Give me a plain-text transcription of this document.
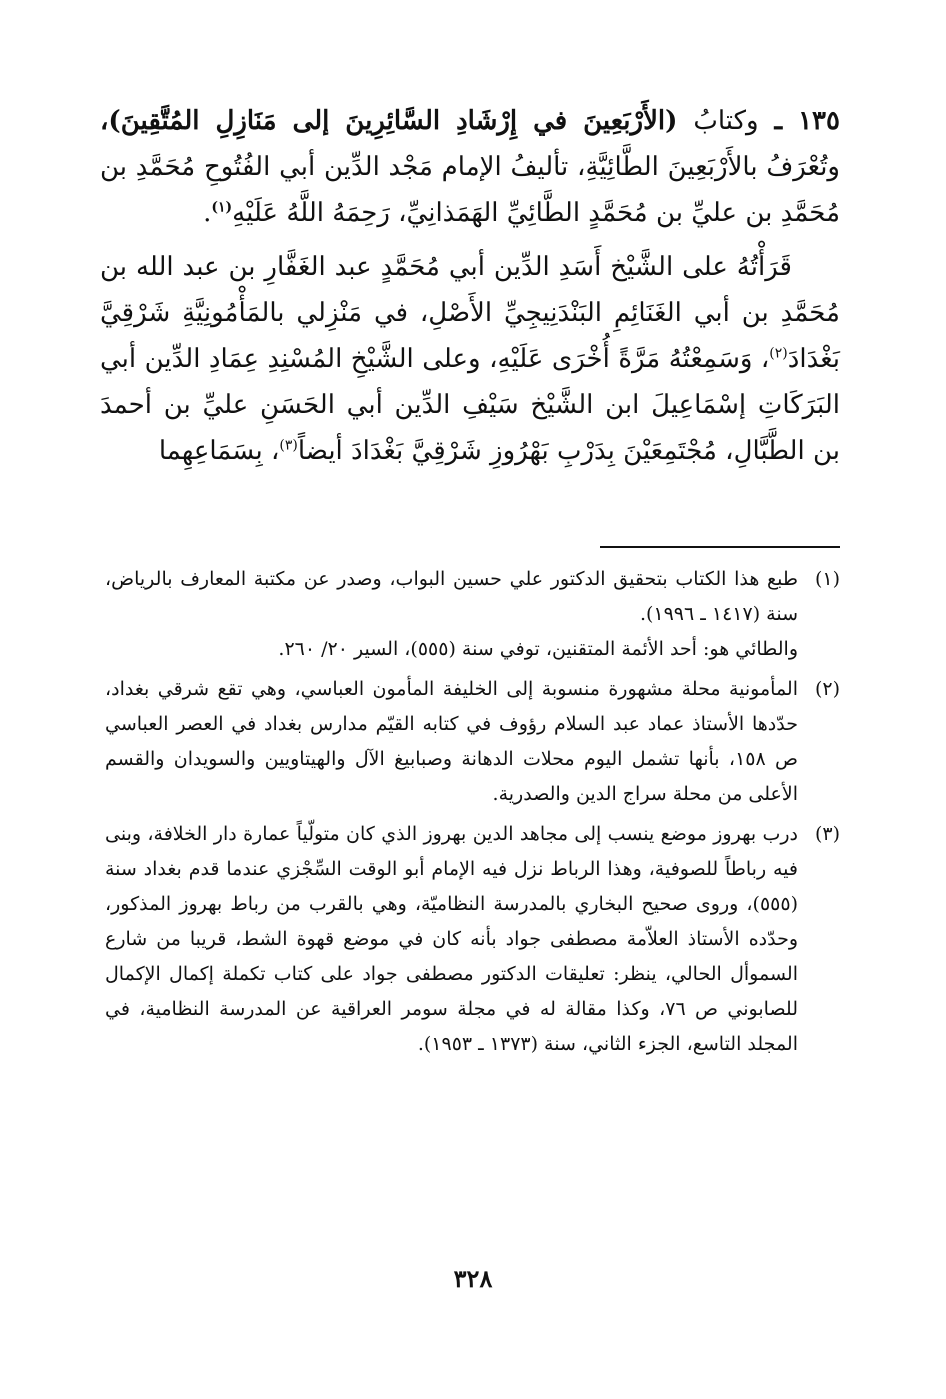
١٣٥ ـ وكتابُ (الأَرْبَعِينَ في إِرْشَادِ السَّائِرِينَ إلى مَنَازِلِ المُتَّقِينَ)، وتُعْرَفُ بالأَرْبَعِينَ الطَّائِيَّةِ، تأليفُ الإمام مَجْد الدِّين أبي الفُتُوحِ مُحَمَّدِ بن مُحَمَّدِ بن عليِّ بن مُحَمَّدٍ الطَّائِيِّ الهَمَذانِيِّ، رَحِمَهُ اللَّهُ عَلَيْهِ$^{(١)}$.

قَرَأْتُهُ على الشَّيْخ أَسَدِ الدِّين أبي مُحَمَّدٍ عبد الغَفَّارِ بن عبد الله بن مُحَمَّدِ بن أبي الغَنَائِمِ البَنْدَنِيجِيِّ الأَصْلِ، في مَنْزِلي بالمَأْمُونِيَّةِ شَرْقِيَّ بَغْدَادَ$^{(٢)}$، وَسَمِعْتُهُ مَرَّةً أُخْرَى عَلَيْهِ، وعلى الشَّيْخِ المُسْنِدِ عِمَادِ الدِّين أبي البَرَكَاتِ إسْمَاعِيلَ ابن الشَّيْخ سَيْفِ الدِّين أبي الحَسَنِ عليِّ بن أحمدَ بن الطَّبَّالِ، مُجْتَمِعَيْنَ بِدَرْبِ بَهْرُوزِ شَرْقِيَّ بَغْدَادَ أيضاً$^{(٣)}$، بِسَمَاعِهِما

(١)

طبع هذا الكتاب بتحقيق الدكتور علي حسين البواب، وصدر عن مكتبة المعارف بالرياض، سنة (١٤١٧ ـ ١٩٩٦).

والطائي هو: أحد الأئمة المتقنين، توفي سنة (٥٥٥)، السير ٢٠/ ٢٦٠.

(٢)

المأمونية محلة مشهورة منسوبة إلى الخليفة المأمون العباسي، وهي تقع شرقي بغداد، حدّدها الأستاذ عماد عبد السلام رؤوف في كتابه القيّم مدارس بغداد في العصر العباسي ص ١٥٨، بأنها تشمل اليوم محلات الدهانة وصبابيغ الآل والهيتاويين والسويدان والقسم الأعلى من محلة سراج الدين والصدرية.

(٣)

درب بهروز موضع ينسب إلى مجاهد الدين بهروز الذي كان متولّياً عمارة دار الخلافة، وبنى فيه رباطاً للصوفية، وهذا الرباط نزل فيه الإمام أبو الوقت السِّجْزي عندما قدم بغداد سنة (٥٥٥)، وروى صحيح البخاري بالمدرسة النظاميّة، وهي بالقرب من رباط بهروز المذكور، وحدّده الأستاذ العلاّمة مصطفى جواد بأنه كان في موضع قهوة الشط، قريبا من شارع السموأل الحالي، ينظر: تعليقات الدكتور مصطفى جواد على كتاب تكملة إكمال الإكمال للصابوني ص ٧٦، وكذا مقالة له في مجلة سومر العراقية عن المدرسة النظامية، في المجلد التاسع، الجزء الثاني، سنة (١٣٧٣ ـ ١٩٥٣).

٣٢٨
